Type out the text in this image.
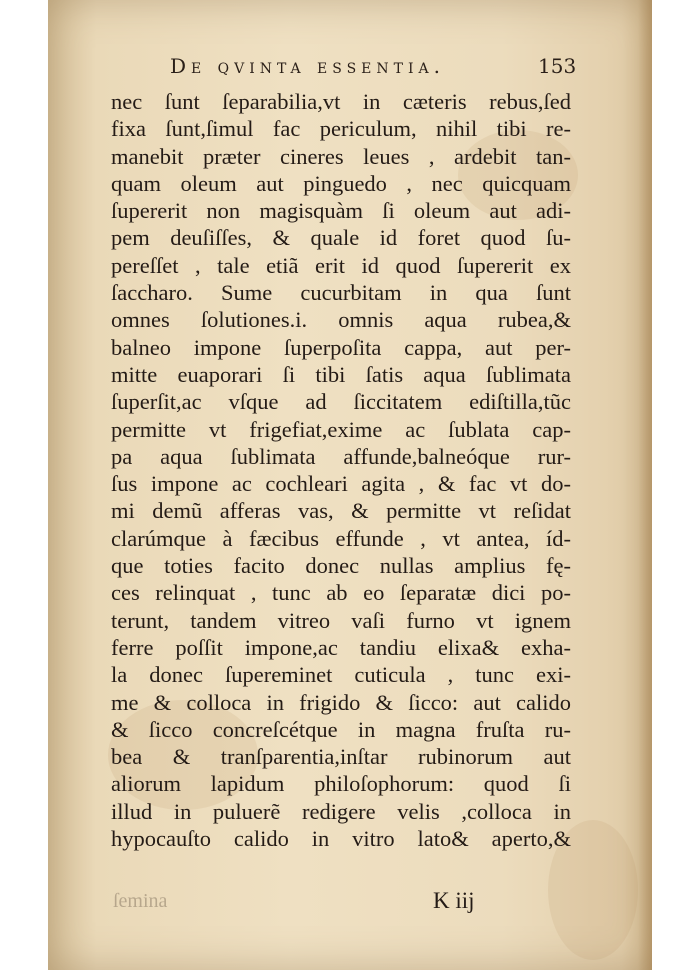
De qvinta essentia.	153
nec ſunt ſeparabilia,vt in cæteris rebus,ſed
fixa ſunt,ſimul fac periculum, nihil tibi re-
manebit præter cineres leues , ardebit tan-
quam oleum aut pinguedo , nec quicquam
ſupererit non magisquàm ſi oleum aut adi-
pem deuſiſſes, & quale id foret quod ſu-
pereſſet , tale etiã erit id quod ſupererit ex
ſaccharo. Sume cucurbitam in qua ſunt
omnes ſolutiones.i. omnis aqua rubea,&
balneo impone ſuperpoſita cappa, aut per-
mitte euaporari ſi tibi ſatis aqua ſublimata
ſuperſit,ac vſque ad ſiccitatem ediſtilla,tũc
permitte vt frigefiat,exime ac ſublata cap-
pa aqua ſublimata affunde,balneóque rur-
ſus impone ac cochleari agita , & fac vt do-
mi demũ afferas vas, & permitte vt reſidat
clarúmque à fæcibus effunde , vt antea, íd-
que toties facito donec nullas amplius fę-
ces relinquat , tunc ab eo ſeparatæ dici po-
terunt, tandem vitreo vaſi furno vt ignem
ferre poſſit impone,ac tandiu elixa& exha-
la donec ſupereminet cuticula , tunc exi-
me & colloca in frigido & ſicco: aut calido
& ſicco concreſcétque in magna fruſta ru-
bea & tranſparentia,inſtar rubinorum aut
aliorum lapidum philoſophorum: quod ſi
illud in puluerẽ redigere velis ,colloca in
hypocauſto calido in vitro lato& aperto,&
ſemina	K iij
